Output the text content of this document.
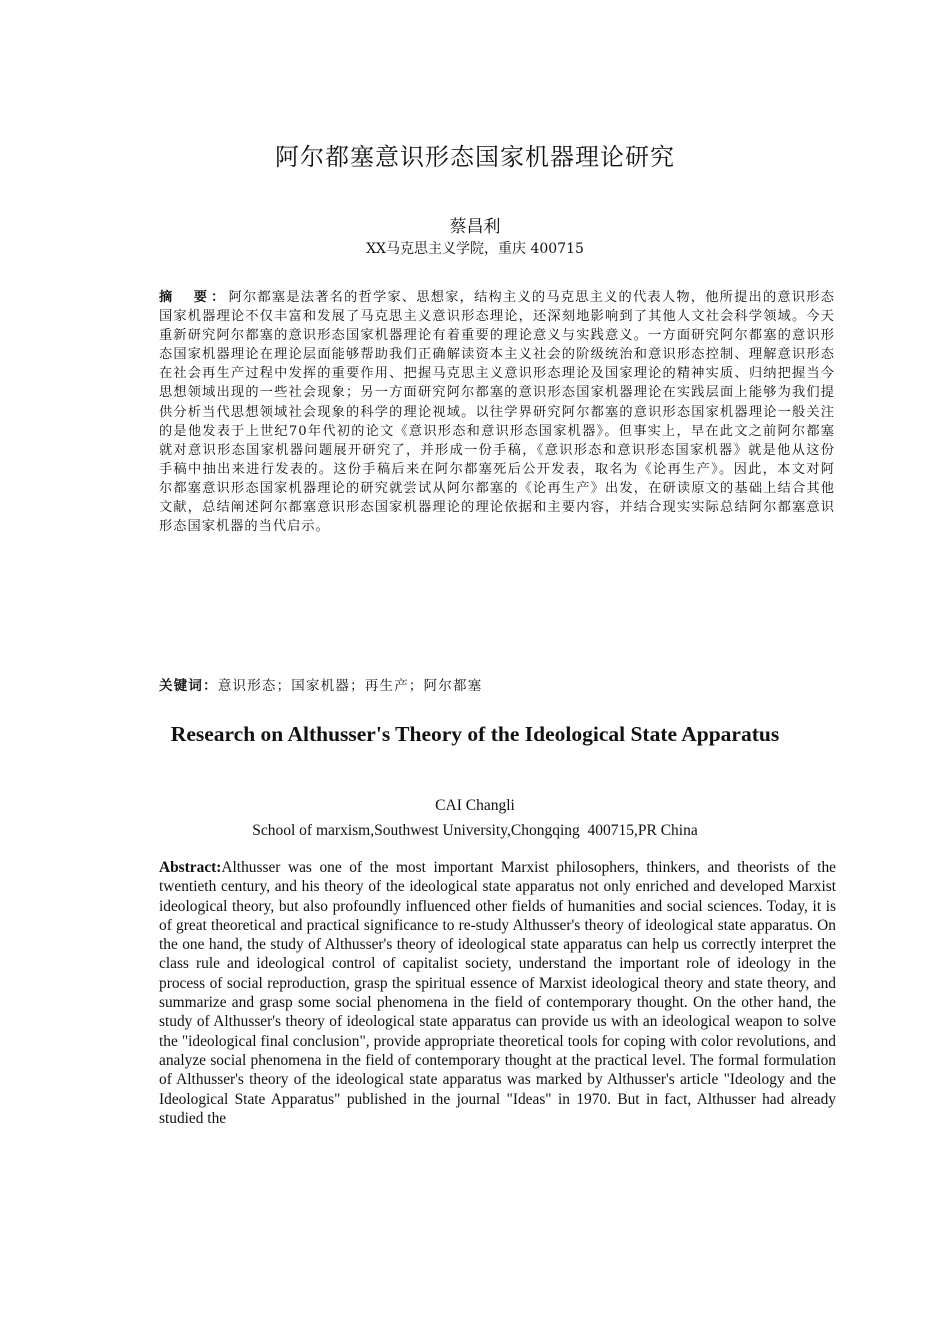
阿尔都塞意识形态国家机器理论研究
蔡昌利
XX马克思主义学院，重庆 400715
摘　要：阿尔都塞是法著名的哲学家、思想家，结构主义的马克思主义的代表人物，他所提出的意识形态国家机器理论不仅丰富和发展了马克思主义意识形态理论，还深刻地影响到了其他人文社会科学领域。今天重新研究阿尔都塞的意识形态国家机器理论有着重要的理论意义与实践意义。一方面研究阿尔都塞的意识形态国家机器理论在理论层面能够帮助我们正确解读资本主义社会的阶级统治和意识形态控制、理解意识形态在社会再生产过程中发挥的重要作用、把握马克思主义意识形态理论及国家理论的精神实质、归纳把握当今思想领域出现的一些社会现象；另一方面研究阿尔都塞的意识形态国家机器理论在实践层面上能够为我们提供分析当代思想领域社会现象的科学的理论视域。以往学界研究阿尔都塞的意识形态国家机器理论一般关注的是他发表于上世纪70年代初的论文《意识形态和意识形态国家机器》。但事实上，早在此文之前阿尔都塞就对意识形态国家机器问题展开研究了，并形成一份手稿，《意识形态和意识形态国家机器》就是他从这份手稿中抽出来进行发表的。这份手稿后来在阿尔都塞死后公开发表，取名为《论再生产》。因此，本文对阿尔都塞意识形态国家机器理论的研究就尝试从阿尔都塞的《论再生产》出发，在研读原文的基础上结合其他文献，总结阐述阿尔都塞意识形态国家机器理论的理论依据和主要内容，并结合现实实际总结阿尔都塞意识形态国家机器的当代启示。
关键词：意识形态；国家机器；再生产；阿尔都塞
Research on Althusser's Theory of the Ideological State Apparatus
CAI Changli
School of marxism,Southwest University,Chongqing  400715,PR China
Abstract:Althusser was one of the most important Marxist philosophers, thinkers, and theorists of the twentieth century, and his theory of the ideological state apparatus not only enriched and developed Marxist ideological theory, but also profoundly influenced other fields of humanities and social sciences. Today, it is of great theoretical and practical significance to re-study Althusser's theory of ideological state apparatus. On the one hand, the study of Althusser's theory of ideological state apparatus can help us correctly interpret the class rule and ideological control of capitalist society, understand the important role of ideology in the process of social reproduction, grasp the spiritual essence of Marxist ideological theory and state theory, and summarize and grasp some social phenomena in the field of contemporary thought. On the other hand, the study of Althusser's theory of ideological state apparatus can provide us with an ideological weapon to solve the "ideological final conclusion", provide appropriate theoretical tools for coping with color revolutions, and analyze social phenomena in the field of contemporary thought at the practical level. The formal formulation of Althusser's theory of the ideological state apparatus was marked by Althusser's article "Ideology and the Ideological State Apparatus" published in the journal "Ideas" in 1970. But in fact, Althusser had already studied the
